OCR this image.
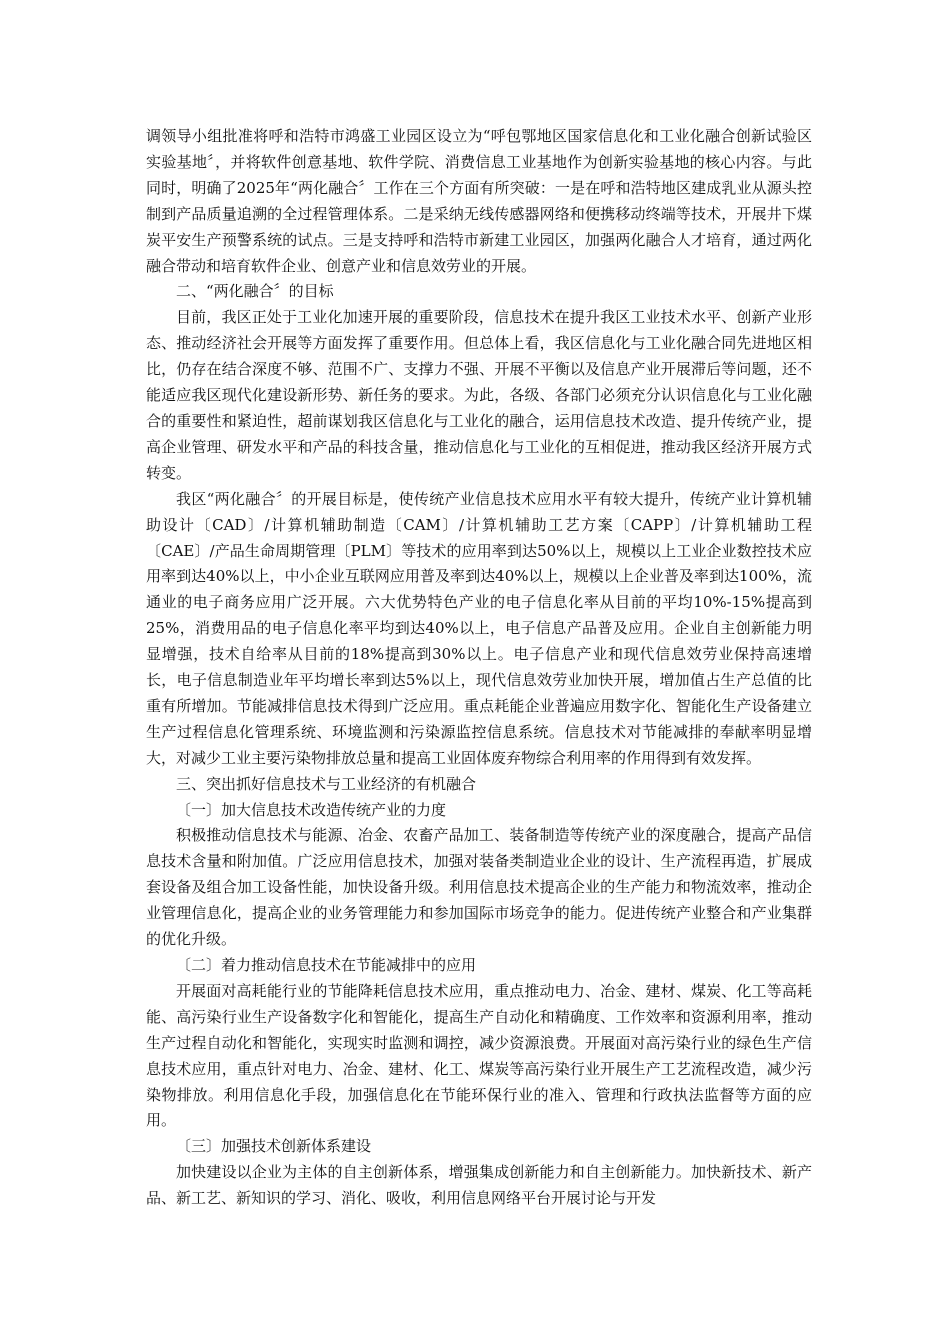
调领导小组批准将呼和浩特市鸿盛工业园区设立为“呼包鄂地区国家信息化和工业化融合创新试验区实验基地〞，并将软件创意基地、软件学院、消费信息工业基地作为创新实验基地的核心内容。与此同时，明确了2025年“两化融合〞工作在三个方面有所突破：一是在呼和浩特地区建成乳业从源头控制到产品质量追溯的全过程管理体系。二是采纳无线传感器网络和便携移动终端等技术，开展井下煤炭平安生产预警系统的试点。三是支持呼和浩特市新建工业园区，加强两化融合人才培育，通过两化融合带动和培育软件企业、创意产业和信息效劳业的开展。

二、“两化融合〞的目标

目前，我区正处于工业化加速开展的重要阶段，信息技术在提升我区工业技术水平、创新产业形态、推动经济社会开展等方面发挥了重要作用。但总体上看，我区信息化与工业化融合同先进地区相比，仍存在结合深度不够、范围不广、支撑力不强、开展不平衡以及信息产业开展滞后等问题，还不能适应我区现代化建设新形势、新任务的要求。为此，各级、各部门必须充分认识信息化与工业化融合的重要性和紧迫性，超前谋划我区信息化与工业化的融合，运用信息技术改造、提升传统产业，提高企业管理、研发水平和产品的科技含量，推动信息化与工业化的互相促进，推动我区经济开展方式转变。

我区“两化融合〞的开展目标是，使传统产业信息技术应用水平有较大提升，传统产业计算机辅助设计〔CAD〕/计算机辅助制造〔CAM〕/计算机辅助工艺方案〔CAPP〕/计算机辅助工程〔CAE〕/产品生命周期管理〔PLM〕等技术的应用率到达50%以上，规模以上工业企业数控技术应用率到达40%以上，中小企业互联网应用普及率到达40%以上，规模以上企业普及率到达100%，流通业的电子商务应用广泛开展。六大优势特色产业的电子信息化率从目前的平均10%-15%提高到25%，消费用品的电子信息化率平均到达40%以上，电子信息产品普及应用。企业自主创新能力明显增强，技术自给率从目前的18%提高到30%以上。电子信息产业和现代信息效劳业保持高速增长，电子信息制造业年平均增长率到达5%以上，现代信息效劳业加快开展，增加值占生产总值的比重有所增加。节能减排信息技术得到广泛应用。重点耗能企业普遍应用数字化、智能化生产设备建立生产过程信息化管理系统、环境监测和污染源监控信息系统。信息技术对节能减排的奉献率明显增大，对减少工业主要污染物排放总量和提高工业固体废弃物综合利用率的作用得到有效发挥。

三、突出抓好信息技术与工业经济的有机融合

〔一〕加大信息技术改造传统产业的力度

积极推动信息技术与能源、冶金、农畜产品加工、装备制造等传统产业的深度融合，提高产品信息技术含量和附加值。广泛应用信息技术，加强对装备类制造业企业的设计、生产流程再造，扩展成套设备及组合加工设备性能，加快设备升级。利用信息技术提高企业的生产能力和物流效率，推动企业管理信息化，提高企业的业务管理能力和参加国际市场竞争的能力。促进传统产业整合和产业集群的优化升级。

〔二〕着力推动信息技术在节能减排中的应用

开展面对高耗能行业的节能降耗信息技术应用，重点推动电力、冶金、建材、煤炭、化工等高耗能、高污染行业生产设备数字化和智能化，提高生产自动化和精确度、工作效率和资源利用率，推动生产过程自动化和智能化，实现实时监测和调控，减少资源浪费。开展面对高污染行业的绿色生产信息技术应用，重点针对电力、冶金、建材、化工、煤炭等高污染行业开展生产工艺流程改造，减少污染物排放。利用信息化手段，加强信息化在节能环保行业的准入、管理和行政执法监督等方面的应用。

〔三〕加强技术创新体系建设

加快建设以企业为主体的自主创新体系，增强集成创新能力和自主创新能力。加快新技术、新产品、新工艺、新知识的学习、消化、吸收，利用信息网络平台开展讨论与开发
